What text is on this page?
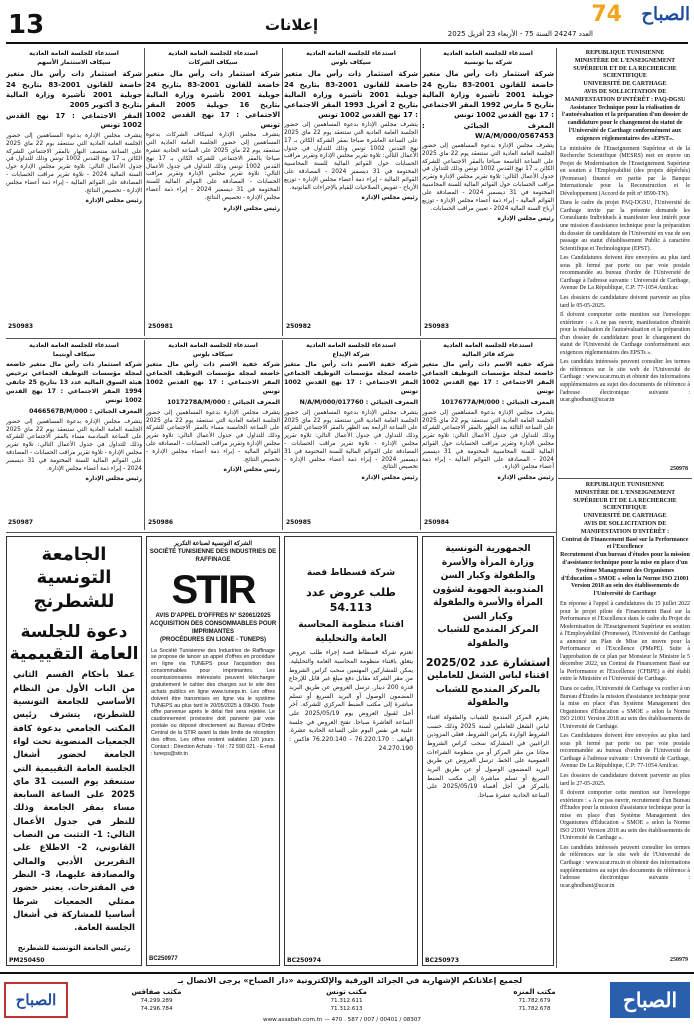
13	إعلانات	74 الصباح
العدد 24247 السنة 75 - الأربعاء 23 أفريل 2025
RÉPUBLIQUE TUNISIENNE
MINISTÈRE DE L'ENSEIGNEMENT SUPÉRIEUR ET DE LA RECHERCHE SCIENTIFIQUE
UNIVERSITÉ DE CARTHAGE
AVIS DE SOLLICITATION DE MANIFESTATION D'INTÉRÊT : PAQ-DGSU
Assistance Technique pour la réalisation de l'autoévaluation et la préparation d'un dossier de candidature pour le changement du statut de l'Université de Carthage conformément aux exigences réglementaires des «EPST».

Le ministère de l'Enseignement Supérieur et de la Recherche Scientifique (MESRS) met en œuvre un Projet de Modernisation de l'Enseignement Supérieur en soutien à l'Employabilité (des projets dépêchés) (Promesse) financé en partie par la Banque Internationale pour la Reconstruction et le Développement (Accord de prêt n° 8590-TN).

Dans le cadre du projet PAQ-DGSU, l'Université de Carthage invite par la présente demande les Consultants Individuels à manifester leur intérêt pour une mission d'assistance technique pour la préparation du dossier de candidature de l'Université en vue de son passage au statut d'établissement Public à caractère Scientifique et Technologique (EPST).

Les Candidatures doivent être envoyées au plus tard sous pli fermé par porte ou par voie postale recommandée au bureau d'ordre de l'Université de Carthage à l'adresse suivante : Université de Carthage, Avenue De La République, C.P: 77-1054 Amilcar.

Les dossiers de candidature doivent parvenir au plus tard le 05-05-2025.

Il doivent comporter cette mention sur l'enveloppe extérieure : « A ne pas ouvrir, manifestation d'intérêt pour la réalisation de l'autoévaluation et la préparation d'un dossier de candidature pour le changement du statut de l'Université de Carthage conformément aux exigences réglementaires des EPSTs ».

Les candidats intéressés peuvent consulter les termes de références sur le site web de l'Université de Carthage : www.ucar.rnu.tn et obtenir des informations supplémentaires au sujet des documents de référence à l'adresse électronique suivante : ucar.ghodbani@ucar.tn

250978
RÉPUBLIQUE TUNISIENNE
MINISTÈRE DE L'ENSEIGNEMENT SUPÉRIEUR ET DE LA RECHERCHE SCIENTIFIQUE
UNIVERSITÉ DE CARTHAGE
AVIS DE SOLLICITATION DE MANIFESTATION D'INTÉRÊT :
Contrat de Financement Basé sur la Performance et l'Excellence
Recrutement d'un bureau d'études pour la mission d'assistance technique pour la mise en place d'un Système Management des Organismes d'Éducation « SMOE » selon la Norme ISO 21001 Version 2018 au sein des établissements de l'Université de Carthage

En réponse à l'appel à candidatures du 15 juillet 2022 pour le projet pilote de Financement Basé sur la Performance et l'Excellence dans le cadre du Projet de Modernisation de l'Enseignement Supérieur en soutien à l'Employabilité (Promesse), l'Université de Carthage a annoncé un Plan de Mise en œuvre pour la Performance et l'Excellence (PMePE). Suite à l'approbation de ce plan par Monsieur le Ministre le 5 décembre 2022, un Contrat de Financement Basé sur la Performance et l'Excellence (CFBPE) a été établi entre le Ministère et l'Université de Carthage.

Dans ce cadre, l'Université de Carthage va confier à un Bureau d'Études la mission d'assistance technique pour la mise en place d'un Système Management des Organismes d'Éducation « SMOE » selon la Norme ISO 21001 Version 2018 au sein des établissements de l'Université de Carthage.

Les Candidatures doivent être envoyées au plus tard sous pli fermé par porte ou par voie postale recommandée au bureau d'ordre de l'Université de Carthage à l'adresse suivante : Université de Carthage, Avenue De La République, C.P: 77-1054 Amilcar.

Les dossiers de candidature doivent parvenir au plus tard le 27-05-2025.

Il doivent comporter cette mention sur l'enveloppe extérieure : « A ne pas ouvrir, recrutement d'un Bureau d'Études pour la mission d'assistance technique pour la mise en place d'un Système Management des Organismes d'Éducation « SMOE » selon la Norme ISO 21001 Version 2018 au sein des établissements de l'Université de Carthage ».

Les candidats intéressés peuvent consulter les termes de références sur le site web de l'Université de Carthage : www.ucar.rnu.tn et obtenir des informations supplémentaires au sujet des documents de référence à l'adresse électronique suivante : ucar.ghodbani@ucar.tn

250979
استدعاء للجلسة العامة العادية
شركة بيا تونسية
شركة استثمار ذات رأس مال متغير خاضعة للقانون 2001-83 بتاريخ 24 جويلية 2001 تأشيرة وزارة المالية بتاريخ 5 مارس 1992 المقر الاجتماعي : 17 نهج القدس 1002 تونس
المعرف الجبائي : 0567453/W/A/M/000

يتشرف مجلس الإدارة بدعوة المساهمين إلى حضور الجلسة العامة العادية التي ستنعقد يوم 22 ماي 2025 على الساعة التاسعة صباحا بالمقر الاجتماعي للشركة الكائن بـ 17 نهج القدس 1002 تونس وذلك للتداول في جدول الأعمال التالي: تلاوة تقرير مجلس الإدارة وتقرير مراقب الحسابات حول القوائم المالية للسنة المحاسبية المختومة في 31 ديسمبر 2024 - المصادقة على القوائم المالية - إبراء ذمة أعضاء مجلس الإدارة - توزيع أرباح السنة المالية 2024 - تعيين مراقب الحسابات.

رئيس مجلس الإدارة
250983
استدعاء للجلسة العامة العادية
سيكاف بلوس
شركة استثمار ذات رأس مال متغير خاضعة للقانون 2001-83 بتاريخ 24 جويلية 2001 تأشيرة وزارة المالية بتاريخ 2 أفريل 1993 المقر الاجتماعي : 17 نهج القدس 1002 تونس

يتشرف مجلس الإدارة بدعوة المساهمين إلى حضور الجلسة العامة العادية التي ستنعقد يوم 22 ماي 2025 على الساعة العاشرة صباحا بمقر الشركة الكائن بـ 17 نهج القدس 1002 تونس وذلك للتداول في جدول الأعمال التالي: تلاوة تقرير مجلس الإدارة وتقرير مراقب الحسابات حول القوائم المالية للسنة المحاسبية المختومة في 31 ديسمبر 2024 - المصادقة على القوائم المالية - إبراء ذمة أعضاء مجلس الإدارة - توزيع الأرباح - تفويض الصلاحيات للقيام بالإجراءات القانونية.

رئيس مجلس الإدارة
250982
استدعاء للجلسة العامة العادية
سيكاف الشركات
شركة استثمار ذات رأس مال متغير خاضعة للقانون 2001-83 بتاريخ 24 جويلية 2001 تأشيرة وزارة المالية بتاريخ 16 جويلية 2005 المقر الاجتماعي : 17 نهج القدس 1002 تونس

يتشرف مجلس الإدارة لسيكاف الشركات بدعوة المساهمين إلى حضور الجلسة العامة العادية التي ستنعقد يوم 22 ماي 2025 على الساعة الحادية عشرة صباحا بالمقر الاجتماعي للشركة الكائن بـ 17 نهج القدس 1002 تونس وذلك للتداول في جدول الأعمال التالي: تلاوة تقرير مجلس الإدارة وتقرير مراقب الحسابات - المصادقة على القوائم المالية للسنة المختومة في 31 ديسمبر 2024 - إبراء ذمة أعضاء مجلس الإدارة - تخصيص النتائج.

رئيس مجلس الإدارة
250981
استدعاء للجلسة العامة العادية
سيكاف الاستثمار الأسهم
شركة استثمار ذات رأس مال متغير خاضعة للقانون 2001-83 بتاريخ 24 جويلية 2001 تأشيرة وزارة المالية بتاريخ 3 أكتوبر 2005
المقر الاجتماعي : 17 نهج القدس 1002 تونس

يتشرف مجلس الإدارة بدعوة المساهمين إلى حضور الجلسة العامة العادية التي ستنعقد يوم 22 ماي 2025 على الساعة منتصف النهار بالمقر الاجتماعي للشركة الكائن بـ 17 نهج القدس 1002 تونس وذلك للتداول في جدول الأعمال التالي: تلاوة تقرير مجلس الإدارة حول السنة المالية 2024 - تلاوة تقرير مراقب الحسابات - المصادقة على القوائم المالية - إبراء ذمة أعضاء مجلس الإدارة - تخصيص النتائج.

رئيس مجلس الإدارة
250983
استدعاء للجلسة العامة العادية
شركة فائز المالية
شركة خفية الاسم ذات رأس مال متغير خاضعة لمجلة مؤسسات التوظيف الجماعي المقر الاجتماعي : 17 نهج القدس 1002 تونس
المعرف الجبائي : 1017677A/M/000

يتشرف مجلس الإدارة بدعوة المساهمين إلى حضور الجلسة العامة العادية التي ستنعقد يوم 22 ماي 2025 على الساعة الثالثة بعد الظهر بالمقر الاجتماعي للشركة وذلك للتداول في جدول الأعمال التالي: تلاوة تقرير مجلس الإدارة وتقرير مراقب الحسابات حول القوائم المالية للسنة المحاسبية المختومة في 31 ديسمبر 2024 - المصادقة على القوائم المالية - إبراء ذمة أعضاء مجلس الإدارة.

رئيس مجلس الإدارة
250984
استدعاء للجلسة العامة العادية
شركة الإيداع
شركة خفية الاسم ذات رأس مال متغير خاضعة لمجلة مؤسسات التوظيف الجماعي المقر الاجتماعي : 17 نهج القدس 1002 تونس
المعرف الجبائي : 017760/N/A/M/000

يتشرف مجلس الإدارة بدعوة المساهمين إلى حضور الجلسة العامة العادية التي ستنعقد يوم 22 ماي 2025 على الساعة الرابعة بعد الظهر بالمقر الاجتماعي للشركة وذلك للتداول في جدول الأعمال التالي: تلاوة تقرير مجلس الإدارة - تلاوة تقرير مراقب الحسابات - المصادقة على القوائم المالية للسنة المختومة في 31 ديسمبر 2024 - إبراء ذمة أعضاء مجلس الإدارة - تخصيص النتائج.

رئيس مجلس الإدارة
250985
استدعاء للجلسة العامة العادية
سيكاف بلوس
شركة خفية الاسم ذات رأس مال متغير خاضعة لمجلة مؤسسات التوظيف الجماعي المقر الاجتماعي : 17 نهج القدس 1002 تونس
المعرف الجبائي : 1017278A/M/000

يتشرف مجلس الإدارة بدعوة المساهمين إلى حضور الجلسة العامة العادية التي ستنعقد يوم 22 ماي 2025 على الساعة الخامسة مساء بالمقر الاجتماعي للشركة وذلك للتداول في جدول الأعمال التالي: تلاوة تقرير مجلس الإدارة وتقرير مراقب الحسابات - المصادقة على القوائم المالية - إبراء ذمة أعضاء مجلس الإدارة - تخصيص النتائج.

رئيس مجلس الإدارة
250986
استدعاء للجلسة العامة العادية
سيكاف أوبتيما
شركة استثمار ذات رأس مال متغير خاضعة لمجلة مؤسسات التوظيف الجماعي ترخيص هيئة السوق المالية عدد 13 بتاريخ 25 جانفي 1994 المقر الاجتماعي : 17 نهج القدس 1002 تونس
المعرف الجبائي : 0466567B/M/000

يتشرف مجلس الإدارة بدعوة المساهمين إلى حضور الجلسة العامة العادية التي ستنعقد يوم 22 ماي 2025 على الساعة السادسة مساء بالمقر الاجتماعي للشركة وذلك للتداول في جدول الأعمال التالي: تلاوة تقرير مجلس الإدارة - تلاوة تقرير مراقب الحسابات - المصادقة على القوائم المالية للسنة المختومة في 31 ديسمبر 2024 - إبراء ذمة أعضاء مجلس الإدارة.

رئيس مجلس الإدارة
250987
الجمهورية التونسية
وزارة المرأة والأسرة والطفولة وكبار السن
المندوبية الجهوية لشؤون المرأة والأسرة والطفولة وكبار السن
المركز المندمج للشباب والطفولة
استشارة عدد 2025/02
اقتناء لباس الشغل للعاملين بالمركز المندمج للشباب والطفولة
يعتزم المركز المندمج للشباب والطفولة اقتناء لباس الشغل للعاملين لسنة 2025 وذلك حسب الشروط الواردة بكراس الشروط. فعلى المزودين الراغبين في المشاركة سحب كراس الشروط مجانا من مقر المركز أو من منظومة الشراءات العمومية على الخط. ترسل العروض عن طريق البريد المضمون الوصول أو عن طريق البريد السريع أو تسلم مباشرة إلى مكتب الضبط بالمركز في أجل أقصاه 2025/05/19 على الساعة الحادية عشرة صباحا.
BC250973
شركة قسطاط فصة
طلب عروض عدد 54.113
اقتناء منظومة المحاسبة العامة والتحليلية
تعتزم شركة قسطاط فصة إجراء طلب عروض يتعلق باقتناء منظومة المحاسبة العامة والتحليلية. يمكن للمشاركين المهتمين سحب كراس الشروط من مقر الشركة مقابل دفع مبلغ غير قابل للإرجاع قدره 200 دينار. ترسل العروض عن طريق البريد المضمون الوصول أو البريد السريع أو تسلم مباشرة إلى مكتب الضبط المركزي للشركة. آخر أجل لقبول العروض يوم 2025/05/19 على الساعة العاشرة صباحا. تفتح العروض في جلسة علنية في نفس اليوم على الساعة الحادية عشرة. الهاتف : 76.220.170 - 76.220.140 فاكس : 24.270.190
BC250974
الشركة التونسية لصناعة التكرير
SOCIÉTÉ TUNISIENNE DES INDUSTRIES DE RAFFINAGE
STIR
AVIS D'APPEL D'OFFRES N° S2061/2025
ACQUISITION DES CONSOMMABLES POUR IMPRIMANTES
(PROCÉDURES EN LIGNE - TUNEPS)
La Société Tunisienne des Industries de Raffinage se propose de lancer un appel d'offres en procédure en ligne via TUNEPS pour l'acquisition des consommables pour imprimantes. Les soumissionnaires intéressés peuvent télécharger gratuitement le cahier des charges sur le site des achats publics en ligne www.tuneps.tn. Les offres doivent être transmises en ligne via le système TUNEPS au plus tard le 20/05/2025 à 09H30. Toute offre parvenue après le délai fixé sera rejetée. Le cautionnement provisoire doit parvenir par voie postale ou déposé directement au Bureau d'Ordre Central de la STIR avant la date limite de réception des offres. Les offres restent valables 120 jours. Contact : Direction Achats - Tél : 72 590 021 - E-mail : tuneps@stir.tn
BC250977
الجامعة التونسية للشطرنج
دعوة للجلسة العامة التقييمية
عملا بأحكام القسم الثاني من الباب الأول من النظام الأساسي للجامعة التونسية للشطرنج، يتشرف رئيس المكتب الجامعي بدعوة كافة الجمعيات المنضوية تحت لواء الجامعة لحضور أشغال الجلسة العامة التقييمية التي ستنعقد يوم السبت 31 ماي 2025 على الساعة السابعة مساء بمقر الجامعة وذلك للنظر في جدول الأعمال التالي: 1- التثبت من النصاب القانوني، 2- الاطلاع على التقريرين الأدبي والمالي والمصادقة عليهما، 3- النظر في المقترحات. يعتبر حضور ممثلي الجمعيات شرطا أساسيا للمشاركة في أشغال الجلسة العامة.
رئيس الجامعة التونسية للشطرنج
PM250450
لجميع إعلاناتكم الإشهارية في الجرائد الورقية والإلكترونية «دار الصباح» يرجى الاتصال بـ
الصباح
مكتب المنزه
71.782.679
71.782.678
مكتب تونس
71.312.611
71.312.613
مكتب صفاقس
74.299.289
74.296.784
الصباح
08307 / 00401 / 007 / 587 . 470 — www.assabah.com.tn
